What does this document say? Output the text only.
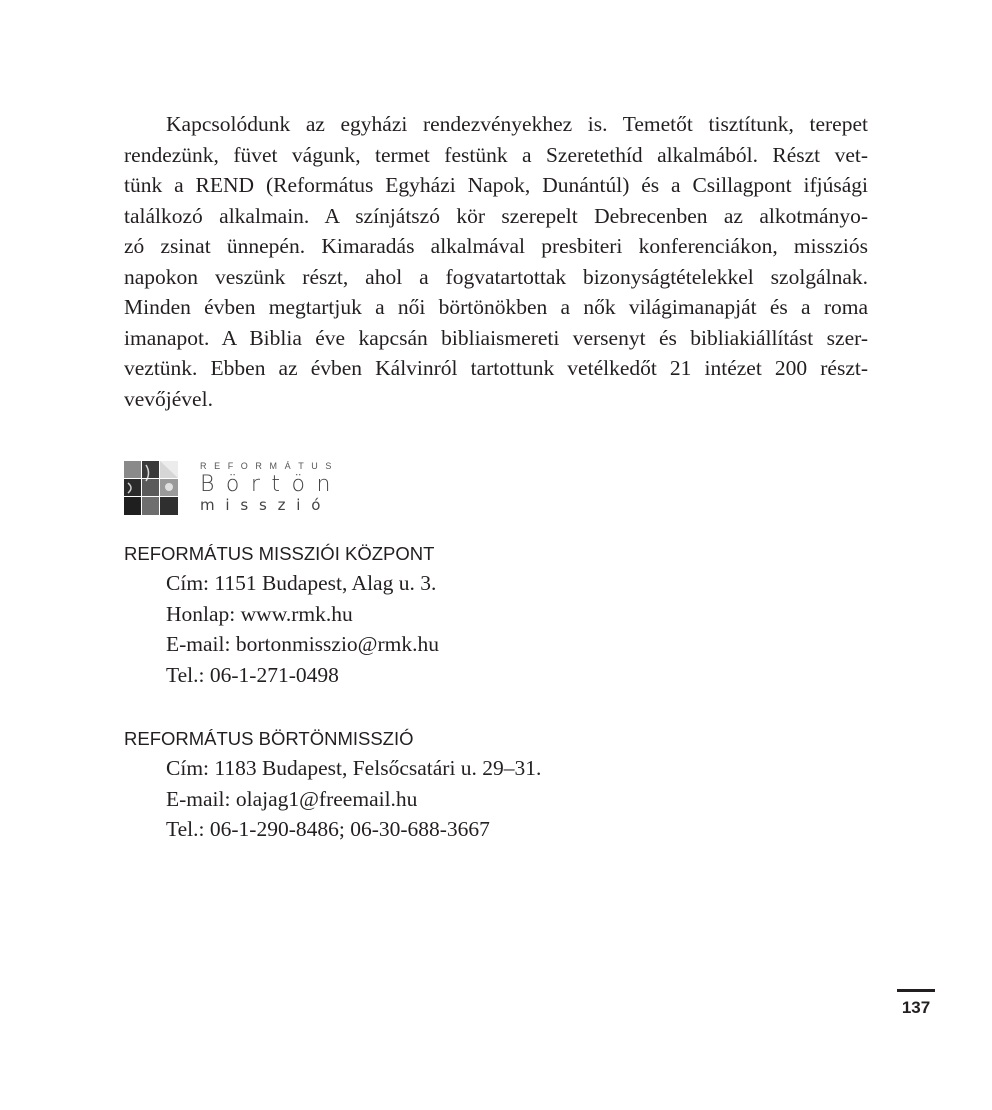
Kapcsolódunk az egyházi rendezvényekhez is. Temetőt tisztítunk, terepet
rendezünk, füvet vágunk, termet festünk a Szeretethíd alkalmából. Részt vet-
tünk a REND (Református Egyházi Napok, Dunántúl) és a Csillagpont ifjúsági
találkozó alkalmain. A színjátszó kör szerepelt Debrecenben az alkotmányo-
zó zsinat ünnepén. Kimaradás alkalmával presbiteri konferenciákon, missziós
napokon veszünk részt, ahol a fogvatartottak bizonyságtételekkel szolgálnak.
Minden évben megtartjuk a női börtönökben a nők világimanapját és a roma
imanapot. A Biblia éve kapcsán bibliaismereti versenyt és bibliakiállítást szer-
veztünk. Ebben az évben Kálvinról tartottunk vetélkedőt 21 intézet 200 részt-
vevőjével.
REFORMÁTUS
Börtön
misszió

REFORMÁTUS MISSZIÓI KÖZPONT

Cím: 1151 Budapest, Alag u. 3.
Honlap: www.rmk.hu
E-mail: bortonmisszio@rmk.hu
Tel.: 06-1-271-0498

REFORMÁTUS BÖRTÖNMISSZIÓ

Cím: 1183 Budapest, Felsőcsatári u. 29–31.
E-mail: olajag1@freemail.hu
Tel.: 06-1-290-8486; 06-30-688-3667
137
